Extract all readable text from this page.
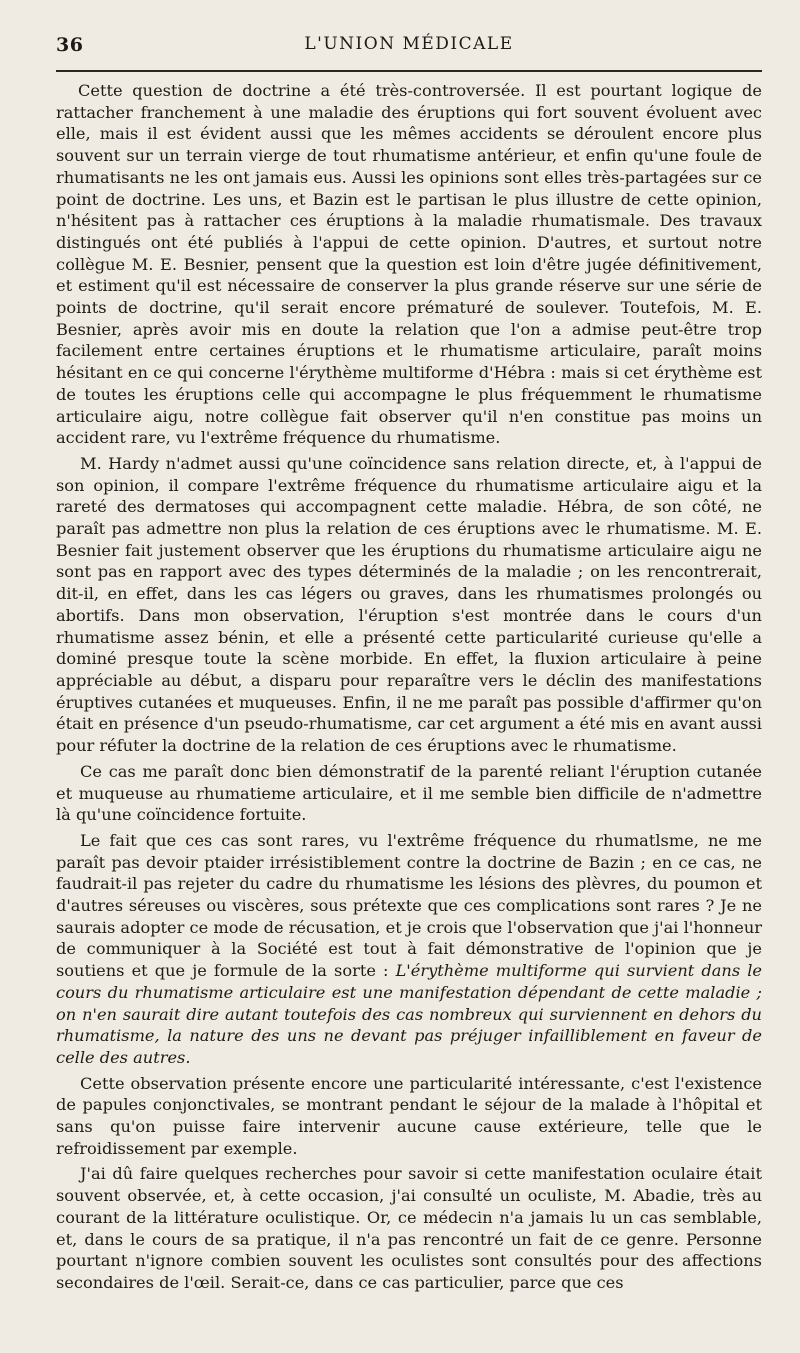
36	L'UNION MÉDICALE

Cette question de doctrine a été très-controversée. Il est pourtant logique de rattacher franchement à une maladie des éruptions qui fort souvent évoluent avec elle, mais il est évident aussi que les mêmes accidents se déroulent encore plus souvent sur un terrain vierge de tout rhumatisme antérieur, et enfin qu'une foule de rhumatisants ne les ont jamais eus. Aussi les opinions sont elles très-partagées sur ce point de doctrine. Les uns, et Bazin est le partisan le plus illustre de cette opinion, n'hésitent pas à rattacher ces éruptions à la maladie rhumatismale. Des travaux distingués ont été publiés à l'appui de cette opinion. D'autres, et surtout notre collègue M. E. Besnier, pensent que la question est loin d'être jugée définitivement, et estiment qu'il est nécessaire de conserver la plus grande réserve sur une série de points de doctrine, qu'il serait encore prématuré de soulever. Toutefois, M. E. Besnier, après avoir mis en doute la relation que l'on a admise peut-être trop facilement entre certaines éruptions et le rhumatisme articulaire, paraît moins hésitant en ce qui concerne l'érythème multiforme d'Hébra : mais si cet érythème est de toutes les éruptions celle qui accompagne le plus fréquemment le rhumatisme articulaire aigu, notre collègue fait observer qu'il n'en constitue pas moins un accident rare, vu l'extrême fréquence du rhumatisme.

M. Hardy n'admet aussi qu'une coïncidence sans relation directe, et, à l'appui de son opinion, il compare l'extrême fréquence du rhumatisme articulaire aigu et la rareté des dermatoses qui accompagnent cette maladie. Hébra, de son côté, ne paraît pas admettre non plus la relation de ces éruptions avec le rhumatisme. M. E. Besnier fait justement observer que les éruptions du rhumatisme articulaire aigu ne sont pas en rapport avec des types déterminés de la maladie ; on les rencontrerait, dit-il, en effet, dans les cas légers ou graves, dans les rhumatismes prolongés ou abortifs. Dans mon observation, l'éruption s'est montrée dans le cours d'un rhumatisme assez bénin, et elle a présenté cette particularité curieuse qu'elle a dominé presque toute la scène morbide. En effet, la fluxion articulaire à peine appréciable au début, a disparu pour reparaître vers le déclin des manifestations éruptives cutanées et muqueuses. Enfin, il ne me paraît pas possible d'affirmer qu'on était en présence d'un pseudo-rhumatisme, car cet argument a été mis en avant aussi pour réfuter la doctrine de la relation de ces éruptions avec le rhumatisme.

Ce cas me paraît donc bien démonstratif de la parenté reliant l'éruption cutanée et muqueuse au rhumatieme articulaire, et il me semble bien difficile de n'admettre là qu'une coïncidence fortuite.

Le fait que ces cas sont rares, vu l'extrême fréquence du rhumatlsme, ne me paraît pas devoir ptaider irrésistiblement contre la doctrine de Bazin ; en ce cas, ne faudrait-il pas rejeter du cadre du rhumatisme les lésions des plèvres, du poumon et d'autres séreuses ou viscères, sous prétexte que ces complications sont rares ? Je ne saurais adopter ce mode de récusation, et je crois que l'observation que j'ai l'honneur de communiquer à la Société est tout à fait démonstrative de l'opinion que je soutiens et que je formule de la sorte : L'érythème multiforme qui survient dans le cours du rhumatisme articulaire est une manifestation dépendant de cette maladie ; on n'en saurait dire autant toutefois des cas nombreux qui surviennent en dehors du rhumatisme, la nature des uns ne devant pas préjuger infailliblement en faveur de celle des autres.

Cette observation présente encore une particularité intéressante, c'est l'existence de papules conjonctivales, se montrant pendant le séjour de la malade à l'hôpital et sans qu'on puisse faire intervenir aucune cause extérieure, telle que le refroidissement par exemple.

J'ai dû faire quelques recherches pour savoir si cette manifestation oculaire était souvent observée, et, à cette occasion, j'ai consulté un oculiste, M. Abadie, très au courant de la littérature oculistique. Or, ce médecin n'a jamais lu un cas semblable, et, dans le cours de sa pratique, il n'a pas rencontré un fait de ce genre. Personne pourtant n'ignore combien souvent les oculistes sont consultés pour des affections secondaires de l'œil. Serait-ce, dans ce cas particulier, parce que ces
